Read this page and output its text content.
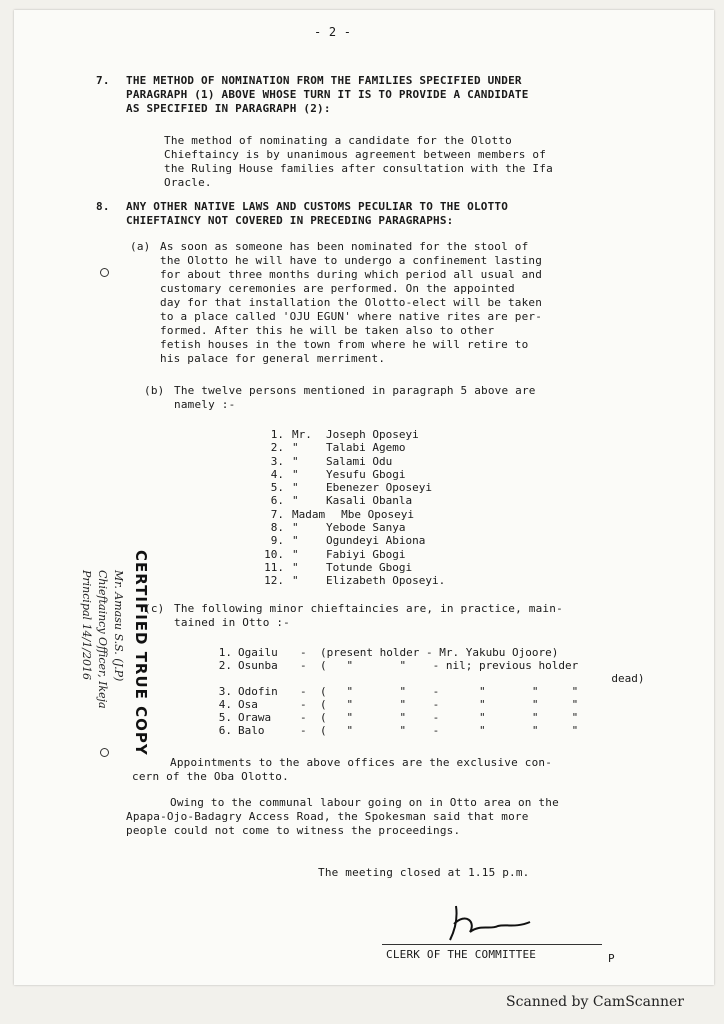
- 2 -
7. THE METHOD OF NOMINATION FROM THE FAMILIES SPECIFIED UNDER
PARAGRAPH (1) ABOVE WHOSE TURN IT IS TO PROVIDE A CANDIDATE
AS SPECIFIED IN PARAGRAPH (2):
The method of nominating a candidate for the Olotto
Chieftaincy is by unanimous agreement between members of
the Ruling House families after consultation with the Ifa
Oracle.
8. ANY OTHER NATIVE LAWS AND CUSTOMS PECULIAR TO THE OLOTTO
CHIEFTAINCY NOT COVERED IN PRECEDING PARAGRAPHS:
(a) As soon as someone has been nominated for the stool of
the Olotto he will have to undergo a confinement lasting
for about three months during which period all usual and
customary ceremonies are performed. On the appointed
day for that installation the Olotto-elect will be taken
to a place called 'OJU EGUN' where native rites are per-
formed. After this he will be taken also to other
fetish houses in the town from where he will retire to
his palace for general merriment.
(b) The twelve persons mentioned in paragraph 5 above are
namely :-
1. Mr.	Joseph Oposeyi
2. "	Talabi Agemo
3. "	Salami Odu
4. "	Yesufu Gbogi
5. "	Ebenezer Oposeyi
6. "	Kasali Obanla
7. Madam Mbe Oposeyi
8. "	Yebode Sanya
9. "	Ogundeyi Abiona
10. "	Fabiyi Gbogi
11. "	Totunde Gbogi
12. "	Elizabeth Oposeyi.
(c) The following minor chieftaincies are, in practice, main-
tained in Otto :-
1. Ogailu	-	(present holder - Mr. Yakubu Ojoore)
2. Osunba	-	(   "       "    - nil; previous holder
dead)
3. Odofin	-	(   "       "    -      "       "     "
4. Osa	-	(   "       "    -      "       "     "
5. Orawa	-	(   "       "    -      "       "     "
6. Balo	-	(   "       "    -      "       "     "
Appointments to the above offices are the exclusive con-
cern of the Oba Olotto.
Owing to the communal labour going on in Otto area on the
Apapa-Ojo-Badagry Access Road, the Spokesman said that more
people could not come to witness the proceedings.
The meeting closed at 1.15 p.m.
CLERK OF THE COMMITTEE	P
CERTIFIED TRUE COPY
Mr. Amasu S.S. (J.P)
Chieftaincy Officer, Ikeja
Principal 14/1/2016
Scanned by CamScanner
